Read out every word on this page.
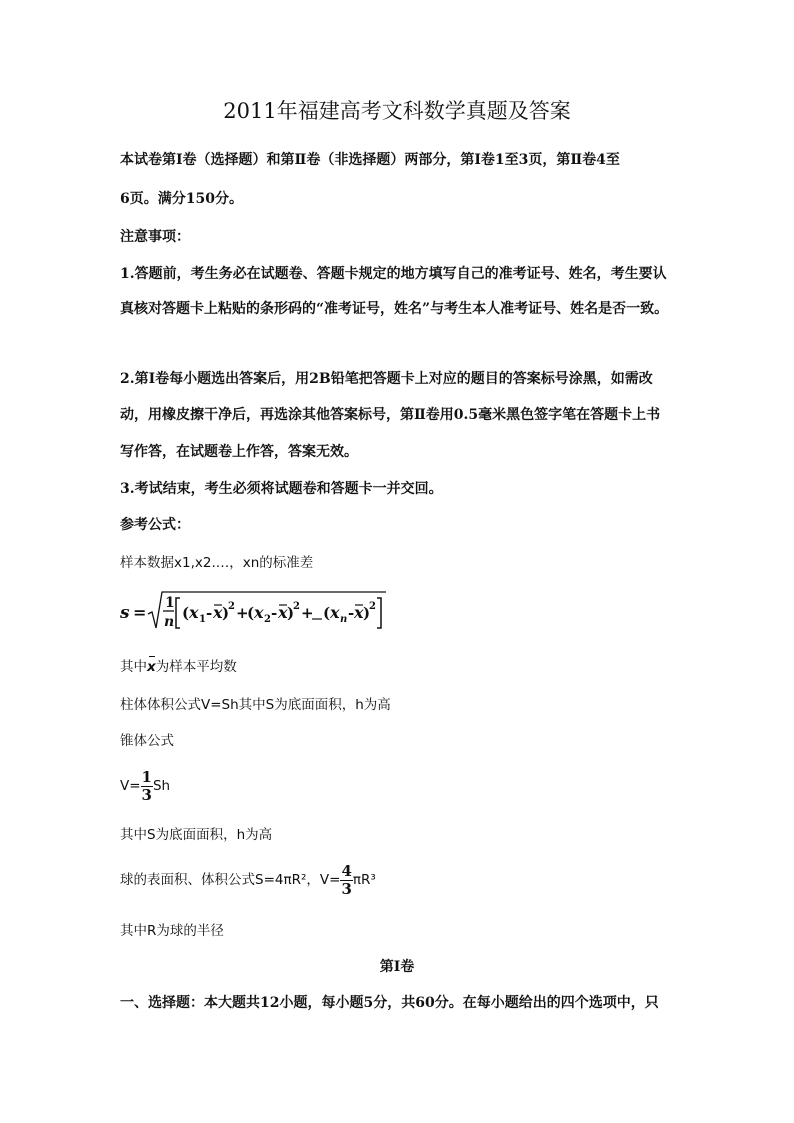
2011年福建高考文科数学真题及答案
本试卷第Ⅰ卷（选择题）和第Ⅱ卷（非选择题）两部分，第Ⅰ卷1至3页，第Ⅱ卷4至
6页。满分150分。
注意事项：
1.答题前，考生务必在试题卷、答题卡规定的地方填写自己的准考证号、姓名，考生要认
真核对答题卡上粘贴的条形码的“准考证号，姓名”与考生本人准考证号、姓名是否一致。
2.第Ⅰ卷每小题选出答案后，用2B铅笔把答题卡上对应的题目的答案标号涂黑，如需改
动，用橡皮擦干净后，再选涂其他答案标号，第Ⅱ卷用0.5毫米黑色签字笔在答题卡上书
写作答，在试题卷上作答，答案无效。
3.考试结束，考生必须将试题卷和答题卡一并交回。
参考公式：
样本数据x1,x2.…，xn的标准差
s = 1
n ( x 1 - x )
2 +
( x 2 - x )
2 + ( x n - x )
2
其中x为样本平均数
柱体体积公式V=Sh其中S为底面面积，h为高
锥体公式
$V= \frac{1}{3}$ Sh
其中S为底面面积，h为高
球的表面积、体积公式S=4πR²，$V= \frac{4}{3} \pi R^3$
其中R为球的半径
第Ⅰ卷
一、选择题：本大题共12小题，每小题5分，共60分。在每小题给出的四个选项中，只
